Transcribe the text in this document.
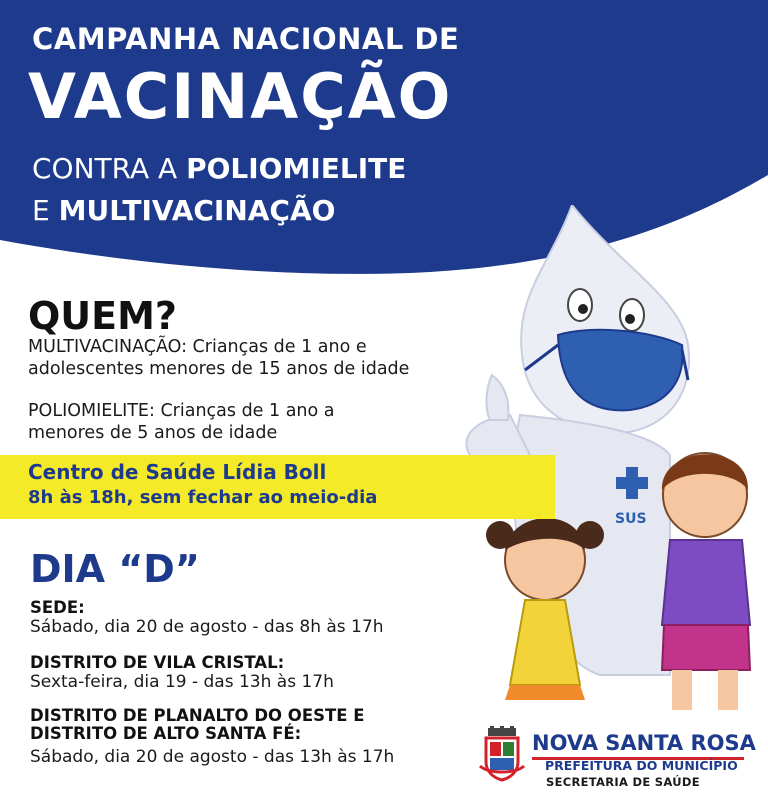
CAMPANHA NACIONAL DE
VACINAÇÃO
CONTRA A POLIOMIELITE
E MULTIVACINAÇÃO
SUS
QUEM?
MULTIVACINAÇÃO: Crianças de 1 ano e
adolescentes menores de 15 anos de idade
POLIOMIELITE: Crianças de 1 ano a
menores de 5 anos de idade
Centro de Saúde Lídia Boll
8h às 18h, sem fechar ao meio-dia
DIA “D”
SEDE:
Sábado, dia 20 de agosto - das 8h às 17h
DISTRITO DE VILA CRISTAL:
Sexta-feira, dia 19 - das 13h às 17h
DISTRITO DE PLANALTO DO OESTE E
DISTRITO DE ALTO SANTA FÉ:
Sábado, dia 20 de agosto - das 13h às 17h
NOVA SANTA ROSA
PREFEITURA DO MUNICÍPIO
SECRETARIA DE SAÚDE
